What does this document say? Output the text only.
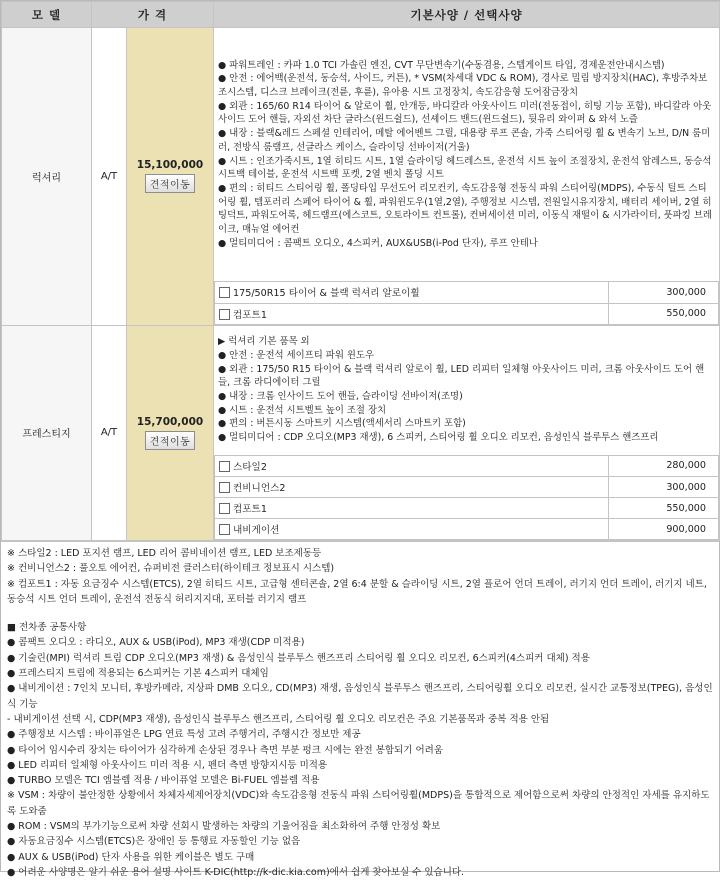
모 델	가 격	기본사양 / 선택사양
럭셔리	A/T	
15,100,000
견적이동	
● 파워트레인 : 카파 1.0 TCI 가솔린 엔진, CVT 무단변속기(수동겸용, 스텝게이트 타입, 경제운전안내시스템)
● 안전 : 에어백(운전석, 동승석, 사이드, 커튼), * VSM(차세대 VDC & ROM), 경사로 밀림 방지장치(HAC), 후방주차보조시스템, 디스크 브레이크(전륜, 후륜), 유아용 시트 고정장치, 속도감응형 도어잠금장치
● 외관 : 165/60 R14 타이어 & 알로이 휠, 안개등, 바디칼라 아웃사이드 미러(전동접이, 히팅 기능 포함), 바디칼라 아웃사이드 도어 핸들, 자외선 차단 글라스(윈드쉴드), 선셰이드 밴드(윈드쉴드), 뒷유리 와이퍼 & 와셔 노즐
● 내장 : 블랙&레드 스페셜 인테리어, 메탈 에어벤트 그릴, 대용량 루프 콘솔, 가죽 스티어링 휠 & 변속기 노브, D/N 룸미러, 전방식 룸램프, 선글라스 케이스, 슬라이딩 선바이저(거울)
● 시트 : 인조가죽시트, 1열 히티드 시트, 1열 슬라이딩 헤드레스트, 운전석 시트 높이 조절장치, 운전석 암레스트, 동승석 시트백 테이블, 운전석 시트백 포켓, 2열 벤치 폴딩 시트
● 편의 : 히티드 스티어링 휠, 폴딩타입 무선도어 리모컨키, 속도감응형 전동식 파워 스티어링(MDPS), 수동식 틸트 스티어링 휠, 템포러리 스페어 타이어 & 휠, 파워윈도우(1열,2열), 주행정보 시스템, 전원일시유지장치, 배터리 세이버, 2열 히팅덕트, 파워도어록, 헤드램프(에스코트, 오토라이트 컨트롤), 컨버세이션 미러, 이동식 재떨이 & 시가라이터, 풋파킹 브레이크, 매뉴얼 에어컨
● 멀티미디어 : 콤팩트 오디오, 4스피커, AUX&USB(i-Pod 단자), 루프 안테나

175/50R15 타이어 & 블랙 럭셔리 알로이휠	300,000
컴포트1	550,000

프레스티지	A/T	
15,700,000
견적이동	
▶ 럭셔리 기본 품목 외
● 안전 : 운전석 세이프티 파워 윈도우
● 외관 : 175/50 R15 타이어 & 블랙 럭셔리 알로이 휠, LED 리피터 일체형 아웃사이드 미러, 크롬 아웃사이드 도어 핸들, 크롬 라디에이터 그릴
● 내장 : 크롬 인사이드 도어 핸들, 슬라이딩 선바이저(조명)
● 시트 : 운전석 시트벨트 높이 조절 장치
● 편의 : 버튼시동 스마트키 시스템(액세서리 스마트키 포함)
● 멀티미디어 : CDP 오디오(MP3 재생), 6 스피커, 스티어링 휠 오디오 리모컨, 음성인식 블루투스 핸즈프리

스타일2	280,000
컨비니언스2	300,000
컴포트1	550,000
내비게이션	900,000
※ 스타일2 : LED 포지션 램프, LED 리어 콤비네이션 램프, LED 보조제동등
※ 컨비니언스2 : 풀오토 에어컨, 슈퍼비전 클러스터(하이테크 정보표시 시스템)
※ 컴포트1 : 자동 요금징수 시스템(ETCS), 2열 히티드 시트, 고급형 센터콘솔, 2열 6:4 분할 & 슬라이딩 시트, 2열 플로어 언더 트레이, 러기지 언더 트레이, 러기지 네트, 동승석 시트 언더 트레이, 운전석 전동식 허리지지대, 포터블 러기지 램프
■ 전차종 공통사항
● 콤팩트 오디오 : 라디오, AUX & USB(iPod), MP3 재생(CDP 미적용)
● 기술린(MPI) 럭셔리 트림 CDP 오디오(MP3 재생) & 음성인식 블루투스 핸즈프리 스티어링 휠 오디오 리모컨, 6스피커(4스피커 대체) 적용
● 프레스티지 트림에 적용되는 6스피커는 기본 4스피커 대체임
● 내비게이션 : 7인치 모니터, 후방카메라, 지상파 DMB 오디오, CD(MP3) 재생, 음성인식 블루투스 핸즈프리, 스티어링휠 오디오 리모컨, 실시간 교통정보(TPEG), 음성인식 기능
- 내비게이션 선택 시, CDP(MP3 재생), 음성인식 블루투스 핸즈프리, 스티어링 휠 오디오 리모컨은 주요 기본품목과 중복 적용 안됨
● 주행정보 시스템 : 바이퓨얼은 LPG 연료 특성 고려 주행거리, 주행시간 정보만 제공
● 타이어 임시수리 장치는 타이어가 심각하게 손상된 경우나 측면 부분 펑크 시에는 완전 봉합되기 어려움
● LED 리피터 일체형 아웃사이드 미러 적용 시, 펜더 측면 방향지시등 미적용
● TURBO 모델은 TCI 엠블렘 적용 / 바이퓨얼 모델은 Bi-FUEL 엠블렘 적용
※ VSM : 차량이 불안정한 상황에서 차체자세제어장치(VDC)와 속도감응형 전동식 파워 스티어링휠(MDPS)을 통합적으로 제어함으로써 차량의 안정적인 자세를 유지하도록 도와줌
● ROM : VSM의 부가기능으로써 차량 선회시 발생하는 차량의 기울어짐을 최소화하여 주행 안정성 확보
● 자동요금징수 시스템(ETCS)은 장애인 등 통행료 자동할인 기능 없음
● AUX & USB(iPod) 단자 사용을 위한 케이블은 별도 구매
● 어려운 사양명은 알기 쉬운 용어 설명 사이트 K-DIC(http://k-dic.kia.com)에서 쉽게 찾아보실 수 있습니다.
